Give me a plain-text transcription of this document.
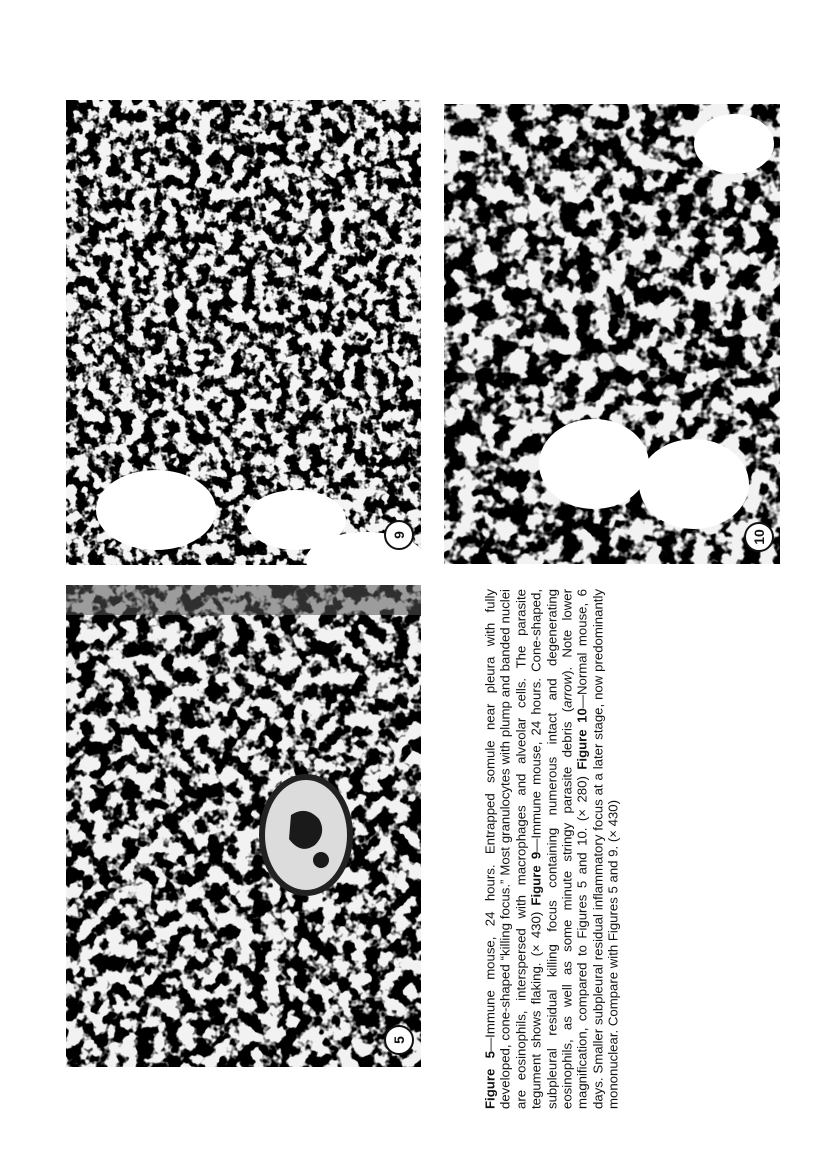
5
9	10
Figure 5—Immune mouse, 24 hours. Entrapped somule near pleura with fully developed, cone-shaped “killing focus.” Most granulocytes with plump and banded nuclei are eosinophils, interspersed with macrophages and alveolar cells. The parasite tegument shows flaking. (× 430) Figure 9—Immune mouse, 24 hours. Cone-shaped, subpleural residual killing focus containing numerous intact and degenerating eosinophils, as well as some minute stringy parasite debris (arrow). Note lower magnification, compared to Figures 5 and 10. (× 280) Figure 10—Normal mouse, 6 days. Smaller subpleural residual inflammatory focus at a later stage, now predominantly mononuclear. Compare with Figures 5 and 9. (× 430)
